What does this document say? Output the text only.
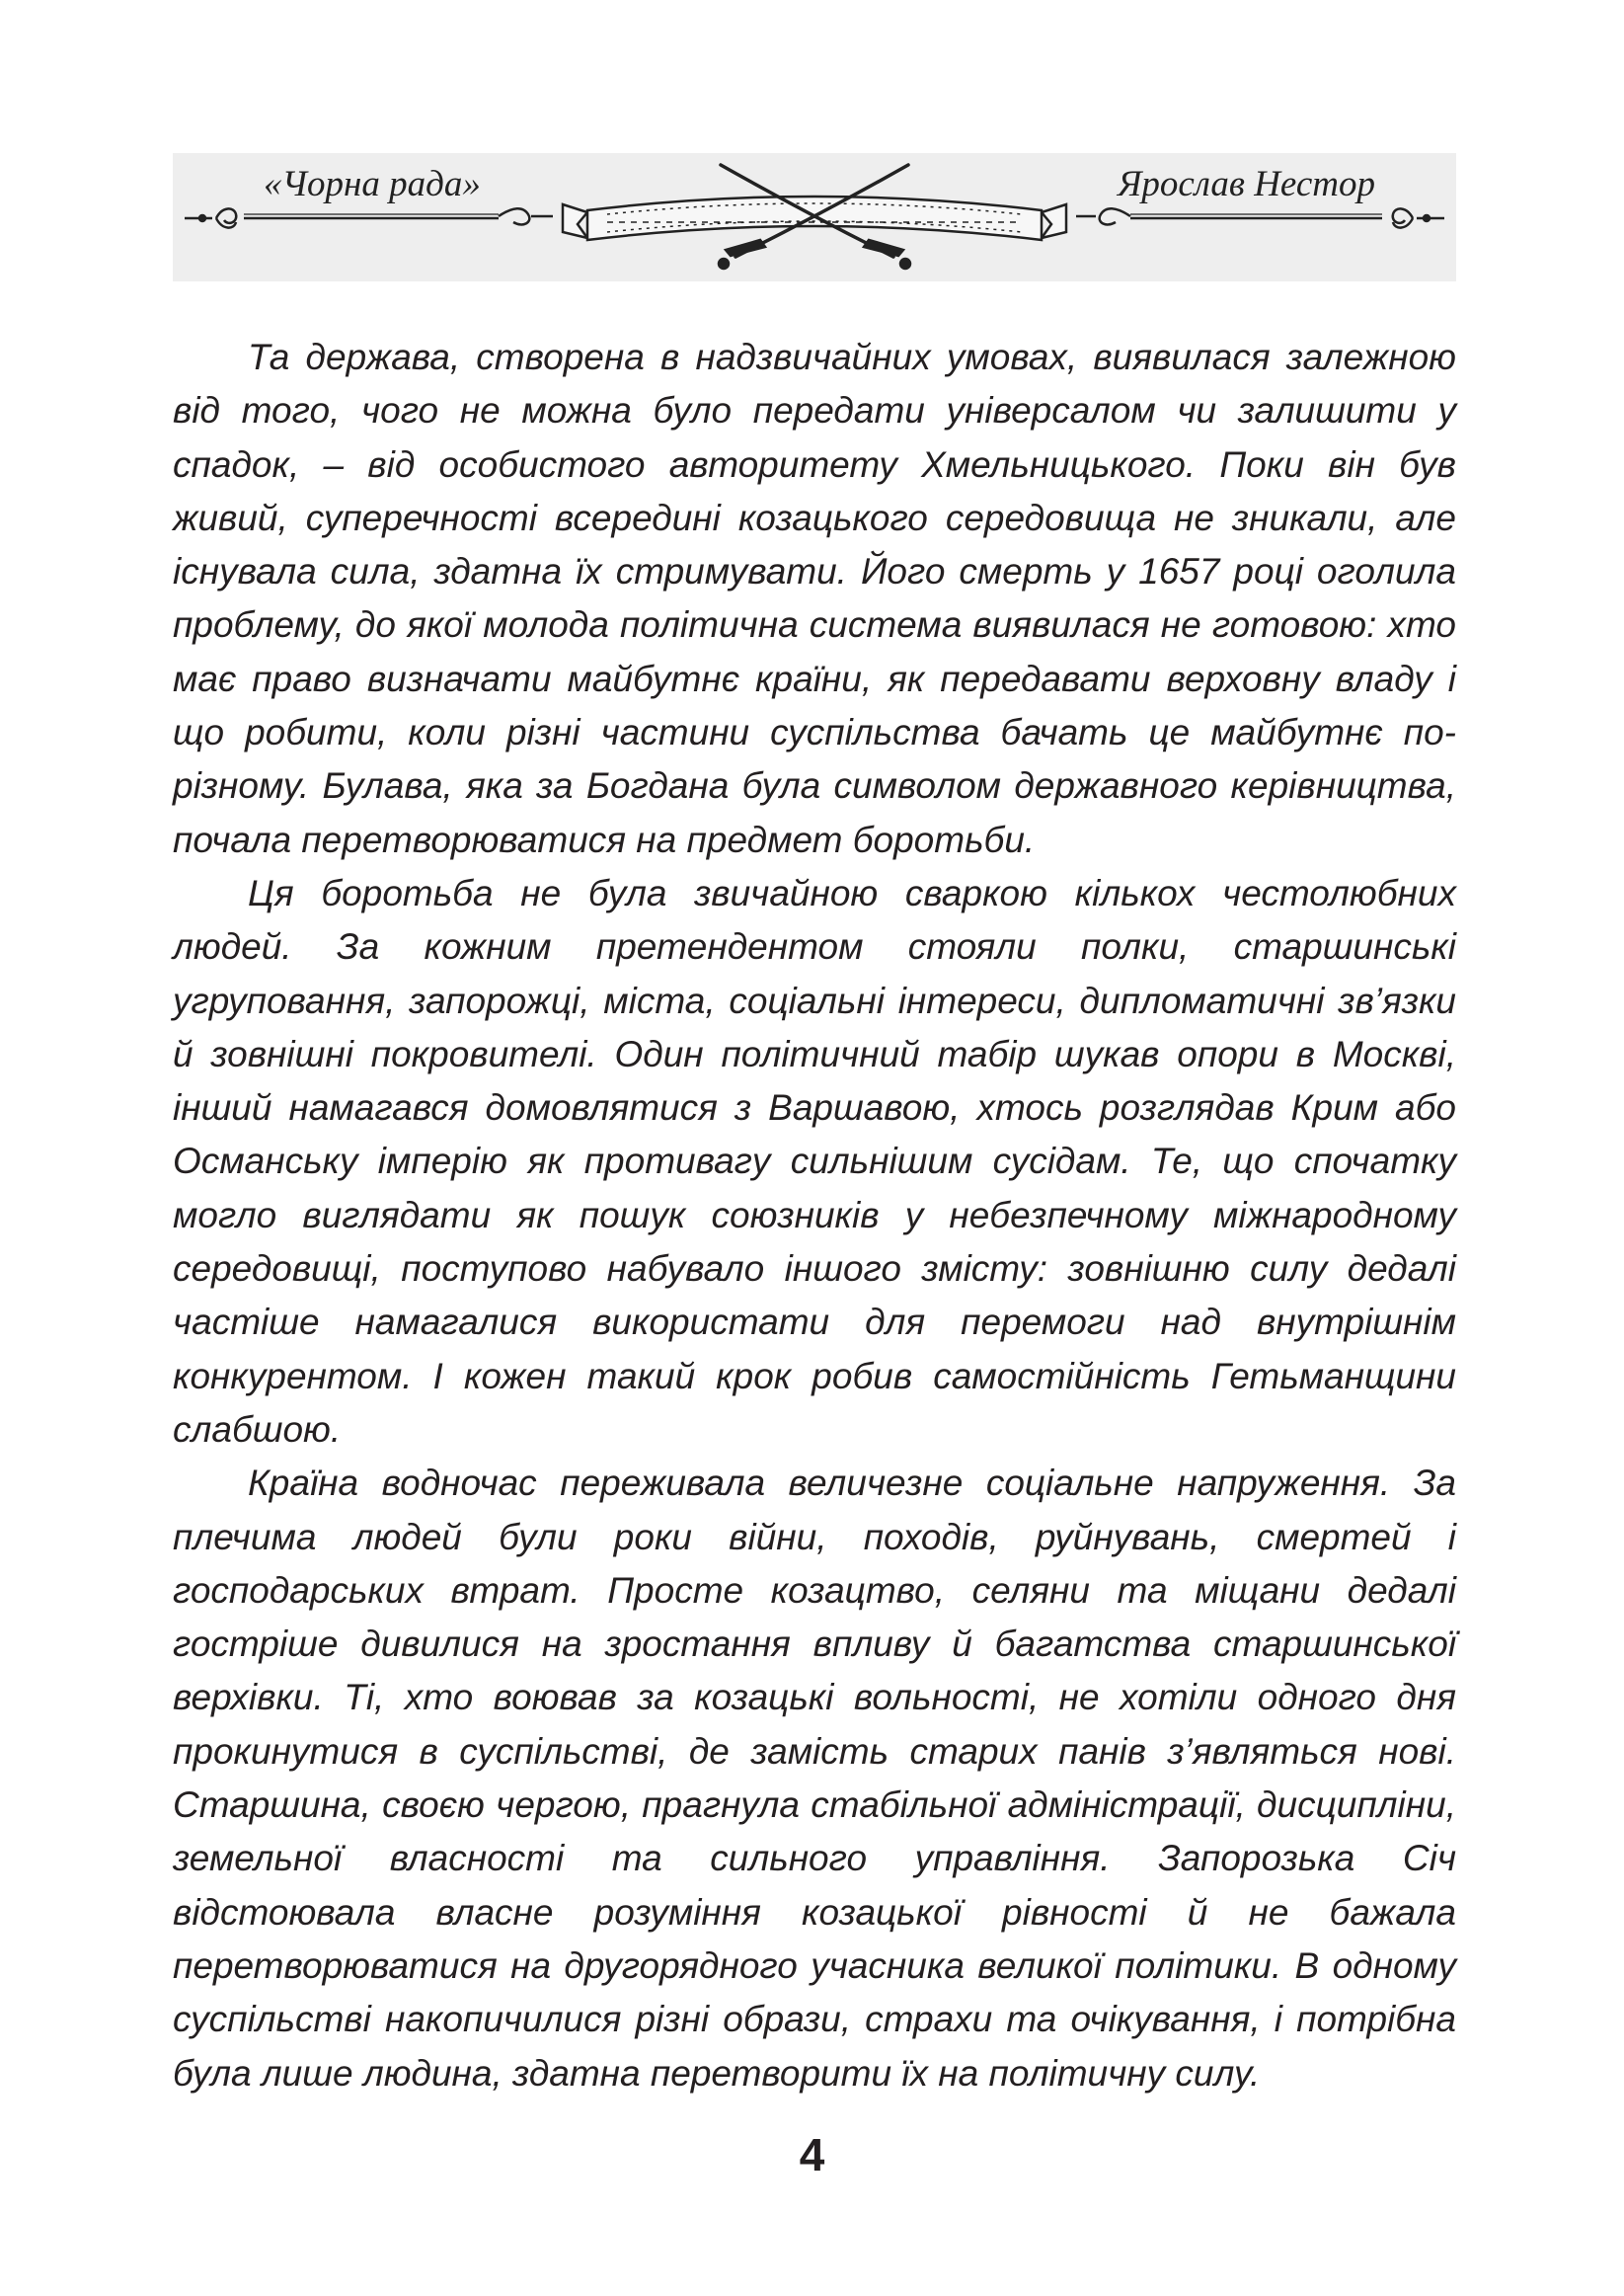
«Чорна рада»	Ярослав Нестор

Та держава, створена в надзвичайних умовах, виявилася залежною від того, чого не можна було передати універсалом чи залишити у спадок, – від особистого авторитету Хмельницького. Поки він був живий, суперечності всередині козацького середовища не зникали, але існувала сила, здатна їх стримувати. Його смерть у 1657 році оголила проблему, до якої молода політична система виявилася не готовою: хто має право визначати майбутнє країни, як передавати верховну владу і що робити, коли різні частини суспільства бачать це майбутнє по-різному. Булава, яка за Богдана була символом державного керівництва, почала перетворюватися на предмет боротьби.

Ця боротьба не була звичайною сваркою кількох честолюбних людей. За кожним претендентом стояли полки, старшинські угруповання, запорожці, міста, соціальні інтереси, дипломатичні зв’язки й зовнішні покровителі. Один політичний табір шукав опори в Москві, інший намагався домовлятися з Варшавою, хтось розглядав Крим або Османську імперію як противагу сильнішим сусідам. Те, що спочатку могло виглядати як пошук союзників у небезпечному міжнародному середовищі, поступово набувало іншого змісту: зовнішню силу дедалі частіше намагалися використати для перемоги над внутрішнім конкурентом. І кожен такий крок робив самостійність Гетьманщини слабшою.

Країна водночас переживала величезне соціальне напруження. За плечима людей були роки війни, походів, руйнувань, смертей і господарських втрат. Просте козацтво, селяни та міщани дедалі гостріше дивилися на зростання впливу й багатства старшинської верхівки. Ті, хто воював за козацькі вольності, не хотіли одного дня прокинутися в суспільстві, де замість старих панів з’являться нові. Старшина, своєю чергою, прагнула стабільної адміністрації, дисципліни, земельної власності та сильного управління. Запорозька Січ відстоювала власне розуміння козацької рівності й не бажала перетворюватися на другорядного учасника великої політики. В одному суспільстві накопичилися різні образи, страхи та очікування, і потрібна була лише людина, здатна перетворити їх на політичну силу.

4
